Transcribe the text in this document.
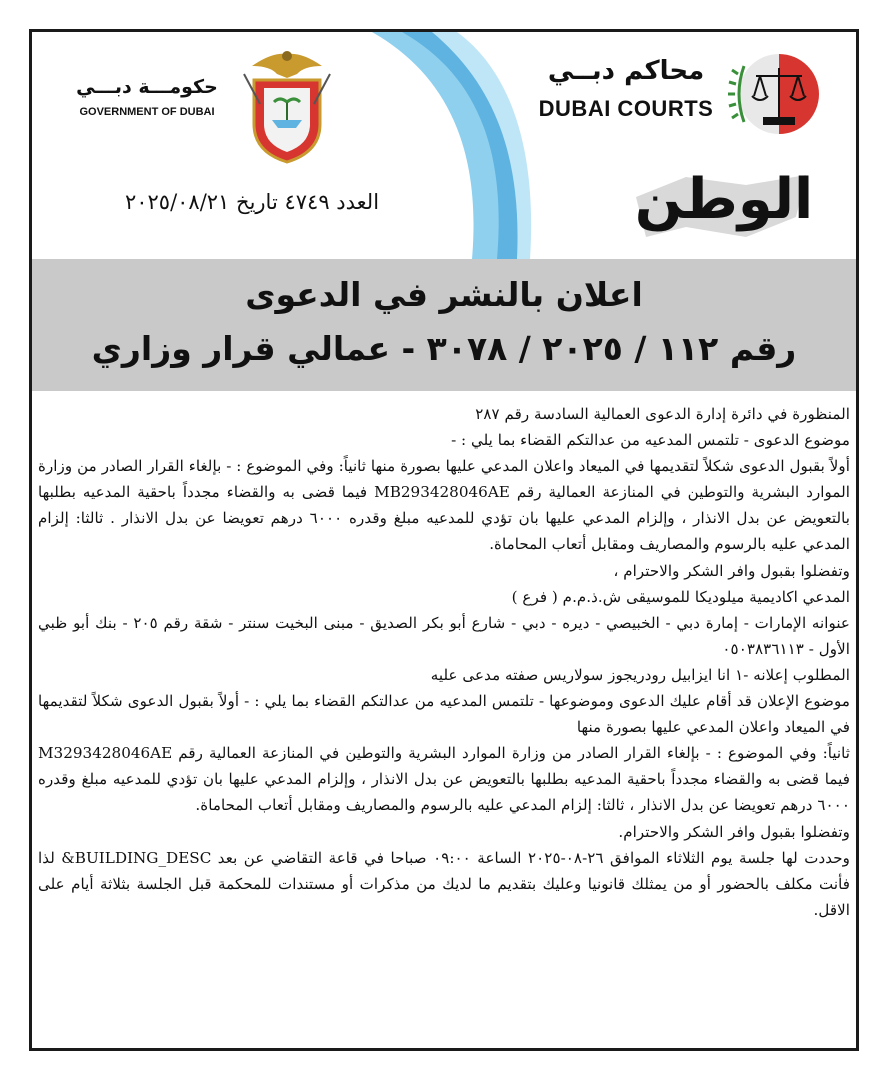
محاكم دبــي
DUBAI COURTS
حكومـــة دبـــي
GOVERNMENT OF DUBAI
الوطن
العدد ٤٧٤٩ تاريخ ٢٠٢٥/٠٨/٢١
اعلان بالنشر في الدعوى
رقم ١١٢ / ٢٠٢٥ / ٣٠٧٨ - عمالي قرار وزاري

المنظورة في دائرة إدارة الدعوى العمالية السادسة رقم ٢٨٧

موضوع الدعوى - تلتمس المدعيه من عدالتكم القضاء بما يلي : -

أولاً بقبول الدعوى شكلاً لتقديمها في الميعاد واعلان المدعي عليها بصورة منها ثانياً: وفي الموضوع : - بإلغاء القرار الصادر من وزارة الموارد البشرية والتوطين في المنازعة العمالية رقم MB293428046AE فيما قضى به والقضاء مجدداً باحقية المدعيه بطلبها بالتعويض عن بدل الانذار ، وإلزام المدعي عليها بان تؤدي للمدعيه مبلغ وقدره ٦٠٠٠ درهم تعويضا عن بدل الانذار . ثالثا: إلزام المدعي عليه بالرسوم والمصاريف ومقابل أتعاب المحاماة.

وتفضلوا بقبول وافر الشكر والاحترام ،

المدعي اكاديمية ميلوديكا للموسيقى ش.ذ.م.م ( فرع )

عنوانه الإمارات - إمارة دبي - الخبيصي - ديره - دبي - شارع أبو بكر الصديق - مبنى البخيت سنتر - شقة رقم ٢٠٥ - بنك أبو ظبي الأول - ٠٥٠٣٨٣٦١١٣

المطلوب إعلانه -١ انا ايزابيل رودريجوز سولاريس صفته مدعى عليه

موضوع الإعلان قد أقام عليك الدعوى وموضوعها - تلتمس المدعيه من عدالتكم القضاء بما يلي : - أولاً بقبول الدعوى شكلاً لتقديمها في الميعاد واعلان المدعي عليها بصورة منها

ثانياً: وفي الموضوع : - بإلغاء القرار الصادر من وزارة الموارد البشرية والتوطين في المنازعة العمالية رقم M3293428046AE فيما قضى به والقضاء مجدداً باحقية المدعيه بطلبها بالتعويض عن بدل الانذار ، وإلزام المدعي عليها بان تؤدي للمدعيه مبلغ وقدره ٦٠٠٠ درهم تعويضا عن بدل الانذار ، ثالثا: إلزام المدعي عليه بالرسوم والمصاريف ومقابل أتعاب المحاماة.

وتفضلوا بقبول وافر الشكر والاحترام.

وحددت لها جلسة يوم الثلاثاء الموافق ٢٦-٠٨-٢٠٢٥ الساعة ٠٩:٠٠ صباحا في قاعة التقاضي عن بعد BUILDING_DESC& لذا فأنت مكلف بالحضور أو من يمثلك قانونيا وعليك بتقديم ما لديك من مذكرات أو مستندات للمحكمة قبل الجلسة بثلاثة أيام على الاقل.
